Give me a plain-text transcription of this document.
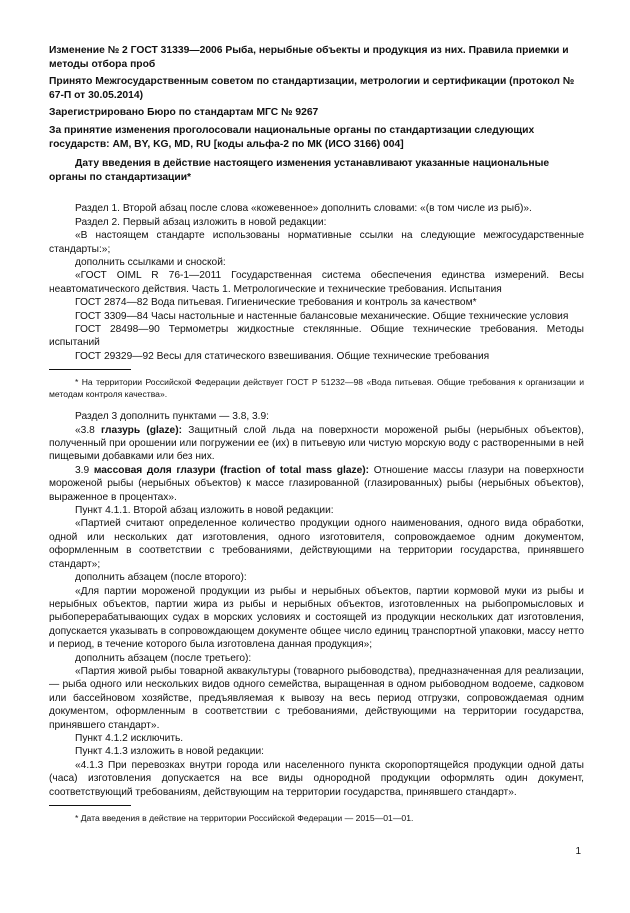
Изменение № 2 ГОСТ 31339—2006 Рыба, нерыбные объекты и продукция из них. Правила приемки и методы отбора проб
Принято Межгосударственным советом по стандартизации, метрологии и сертификации (протокол № 67-П от 30.05.2014)
Зарегистрировано Бюро по стандартам МГС № 9267
За принятие изменения проголосовали национальные органы по стандартизации следующих государств: AM, BY, KG, MD, RU [коды альфа-2 по МК (ИСО 3166) 004]
Дату введения в действие настоящего изменения устанавливают указанные национальные органы по стандартизации*

Раздел 1. Второй абзац после слова «кожевенное» дополнить словами: «(в том числе из рыб)».

Раздел 2. Первый абзац изложить в новой редакции:

«В настоящем стандарте использованы нормативные ссылки на следующие межгосударственные стандарты:»;

дополнить ссылками и сноской:

«ГОСТ OIML R 76-1—2011 Государственная система обеспечения единства измерений. Весы неавтоматического действия. Часть 1. Метрологические и технические требования. Испытания

ГОСТ 2874—82 Вода питьевая. Гигиенические требования и контроль за качеством*

ГОСТ 3309—84 Часы настольные и настенные балансовые механические. Общие технические условия

ГОСТ 28498—90 Термометры жидкостные стеклянные. Общие технические требования. Методы испытаний

ГОСТ 29329—92 Весы для статического взвешивания. Общие технические требования

* На территории Российской Федерации действует ГОСТ Р 51232—98 «Вода питьевая. Общие требования к организации и методам контроля качества».

Раздел 3 дополнить пунктами — 3.8, 3.9:

«3.8 глазурь (glaze): Защитный слой льда на поверхности мороженой рыбы (нерыбных объектов), полученный при орошении или погружении ее (их) в питьевую или чистую морскую воду с растворенными в ней пищевыми добавками или без них.

3.9 массовая доля глазури (fraction of total mass glaze): Отношение массы глазури на поверхности мороженой рыбы (нерыбных объектов) к массе глазированной (глазированных) рыбы (нерыбных объектов), выраженное в процентах».

Пункт 4.1.1. Второй абзац изложить в новой редакции:

«Партией считают определенное количество продукции одного наименования, одного вида обработки, одной или нескольких дат изготовления, одного изготовителя, сопровождаемое одним документом, оформленным в соответствии с требованиями, действующими на территории государства, принявшего стандарт»;

дополнить абзацем (после второго):

«Для партии мороженой продукции из рыбы и нерыбных объектов, партии кормовой муки из рыбы и нерыбных объектов, партии жира из рыбы и нерыбных объектов, изготовленных на рыбопромысловых и рыбоперерабатывающих судах в морских условиях и состоящей из продукции нескольких дат изготовления, допускается указывать в сопровождающем документе общее число единиц транспортной упаковки, массу нетто и период, в течение которого была изготовлена данная продукция»;

дополнить абзацем (после третьего):

«Партия живой рыбы товарной аквакультуры (товарного рыбоводства), предназначенная для реализации, — рыба одного или нескольких видов одного семейства, выращенная в одном рыбоводном водоеме, садковом или бассейновом хозяйстве, предъявляемая к вывозу на весь период отгрузки, сопровождаемая одним документом, оформленным в соответствии с требованиями, действующими на территории государства, принявшего стандарт».

Пункт 4.1.2 исключить.

Пункт 4.1.3 изложить в новой редакции:

«4.1.3 При перевозках внутри города или населенного пункта скоропортящейся продукции одной даты (часа) изготовления допускается на все виды однородной продукции оформлять один документ, соответствующий требованиям, действующим на территории государства, принявшего стандарт».

* Дата введения в действие на территории Российской Федерации — 2015—01—01.

1
